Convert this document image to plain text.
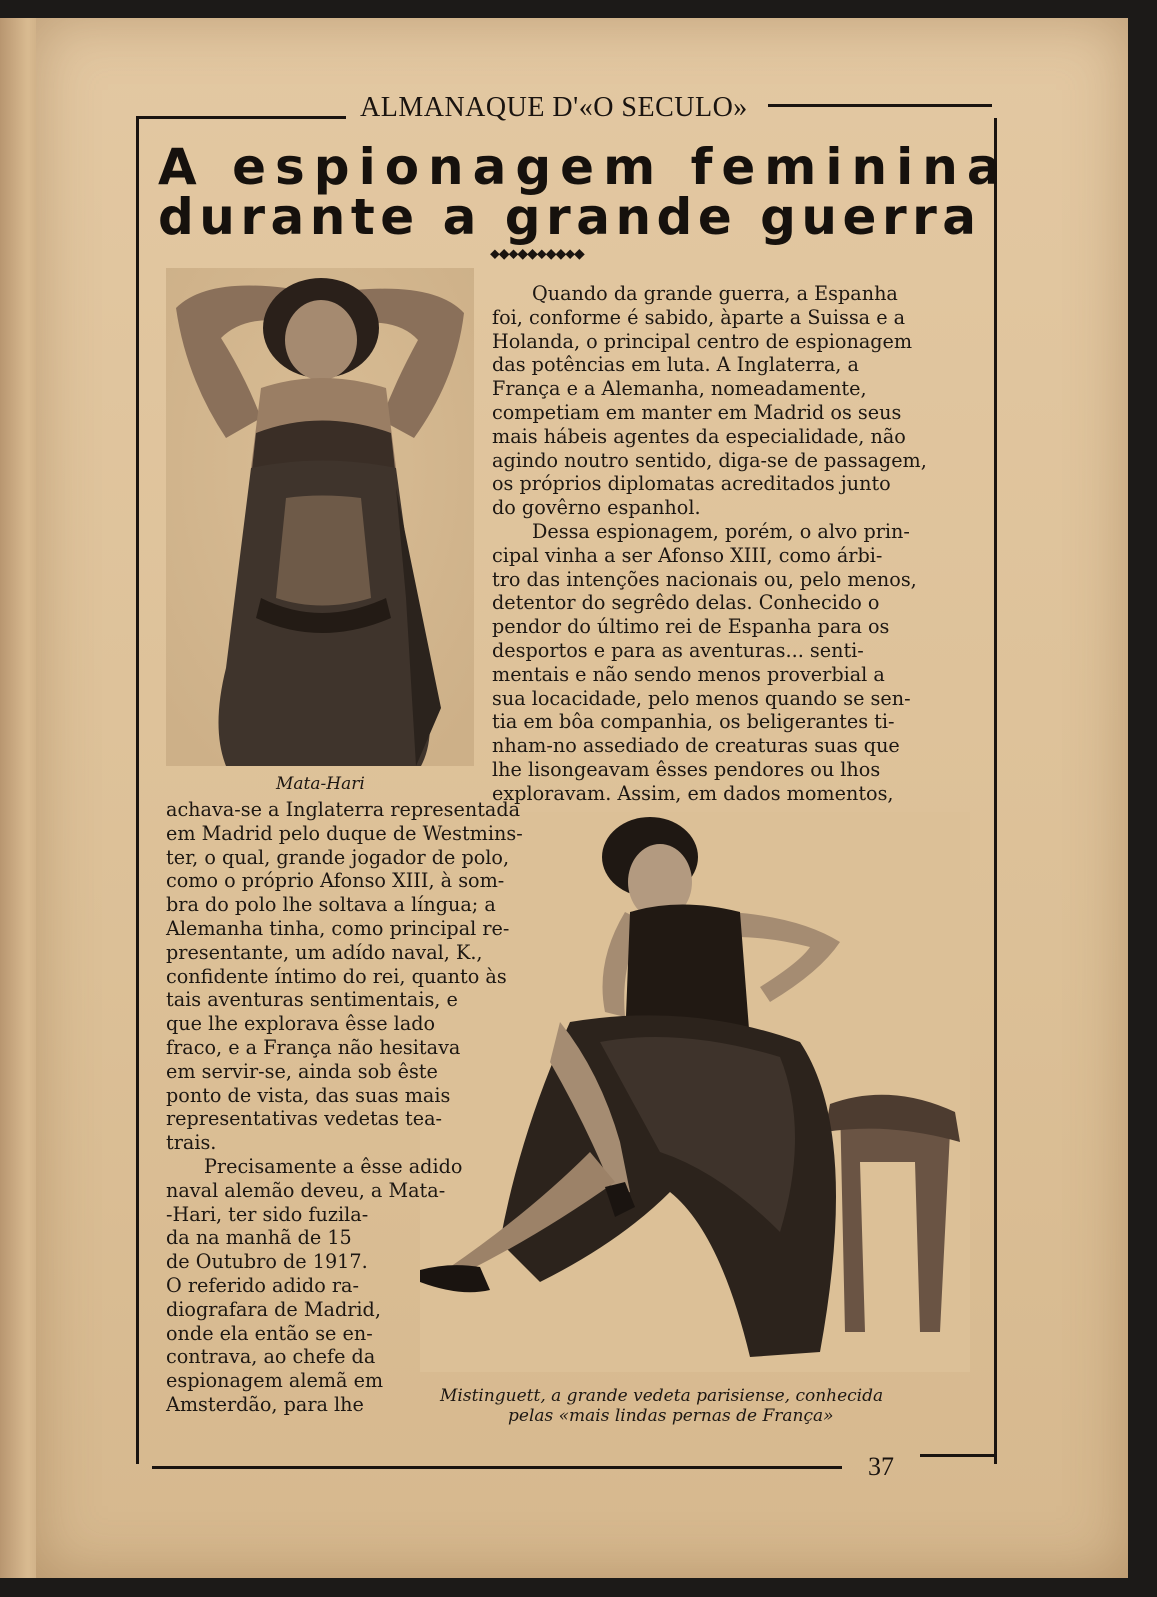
ALMANAQUE D'«O SECULO»
A espionagem feminina
durante a grande guerra
⬥◆⬥◆◆⬥◆◆⬥◆
Mata-Hari
Quando da grande guerra, a Espanha
foi, conforme é sabido, àparte a Suissa e a
Holanda, o principal centro de espionagem
das potências em luta. A Inglaterra, a
França e a Alemanha, nomeadamente,
competiam em manter em Madrid os seus
mais hábeis agentes da especialidade, não
agindo noutro sentido, diga-se de passagem,
os próprios diplomatas acreditados junto
do govêrno espanhol.
Dessa espionagem, porém, o alvo prin-
cipal vinha a ser Afonso XIII, como árbi-
tro das intenções nacionais ou, pelo menos,
detentor do segrêdo delas. Conhecido o
pendor do último rei de Espanha para os
desportos e para as aventuras... senti-
mentais e não sendo menos proverbial a
sua locacidade, pelo menos quando se sen-
tia em bôa companhia, os beligerantes ti-
nham-no assediado de creaturas suas que
lhe lisongeavam êsses pendores ou lhos
exploravam. Assim, em dados momentos,
achava-se a Inglaterra representada
em Madrid pelo duque de Westmins-
ter, o qual, grande jogador de polo,
como o próprio Afonso XIII, à som-
bra do polo lhe soltava a língua; a
Alemanha tinha, como principal re-
presentante, um adído naval, K.,
confidente íntimo do rei, quanto às
tais aventuras sentimentais, e
que lhe explorava êsse lado
fraco, e a França não hesitava
em servir-se, ainda sob êste
ponto de vista, das suas mais
representativas vedetas tea-
trais.
Precisamente a êsse adido
naval alemão deveu, a Mata-
-Hari, ter sido fuzila-
da na manhã de 15
de Outubro de 1917.
O referido adido ra-
diografara de Madrid,
onde ela então se en-
contrava, ao chefe da
espionagem alemã em
Amsterdão, para lhe	Mistinguett, a grande vedeta parisiense, conhecida
pelas «mais lindas pernas de França»
37
